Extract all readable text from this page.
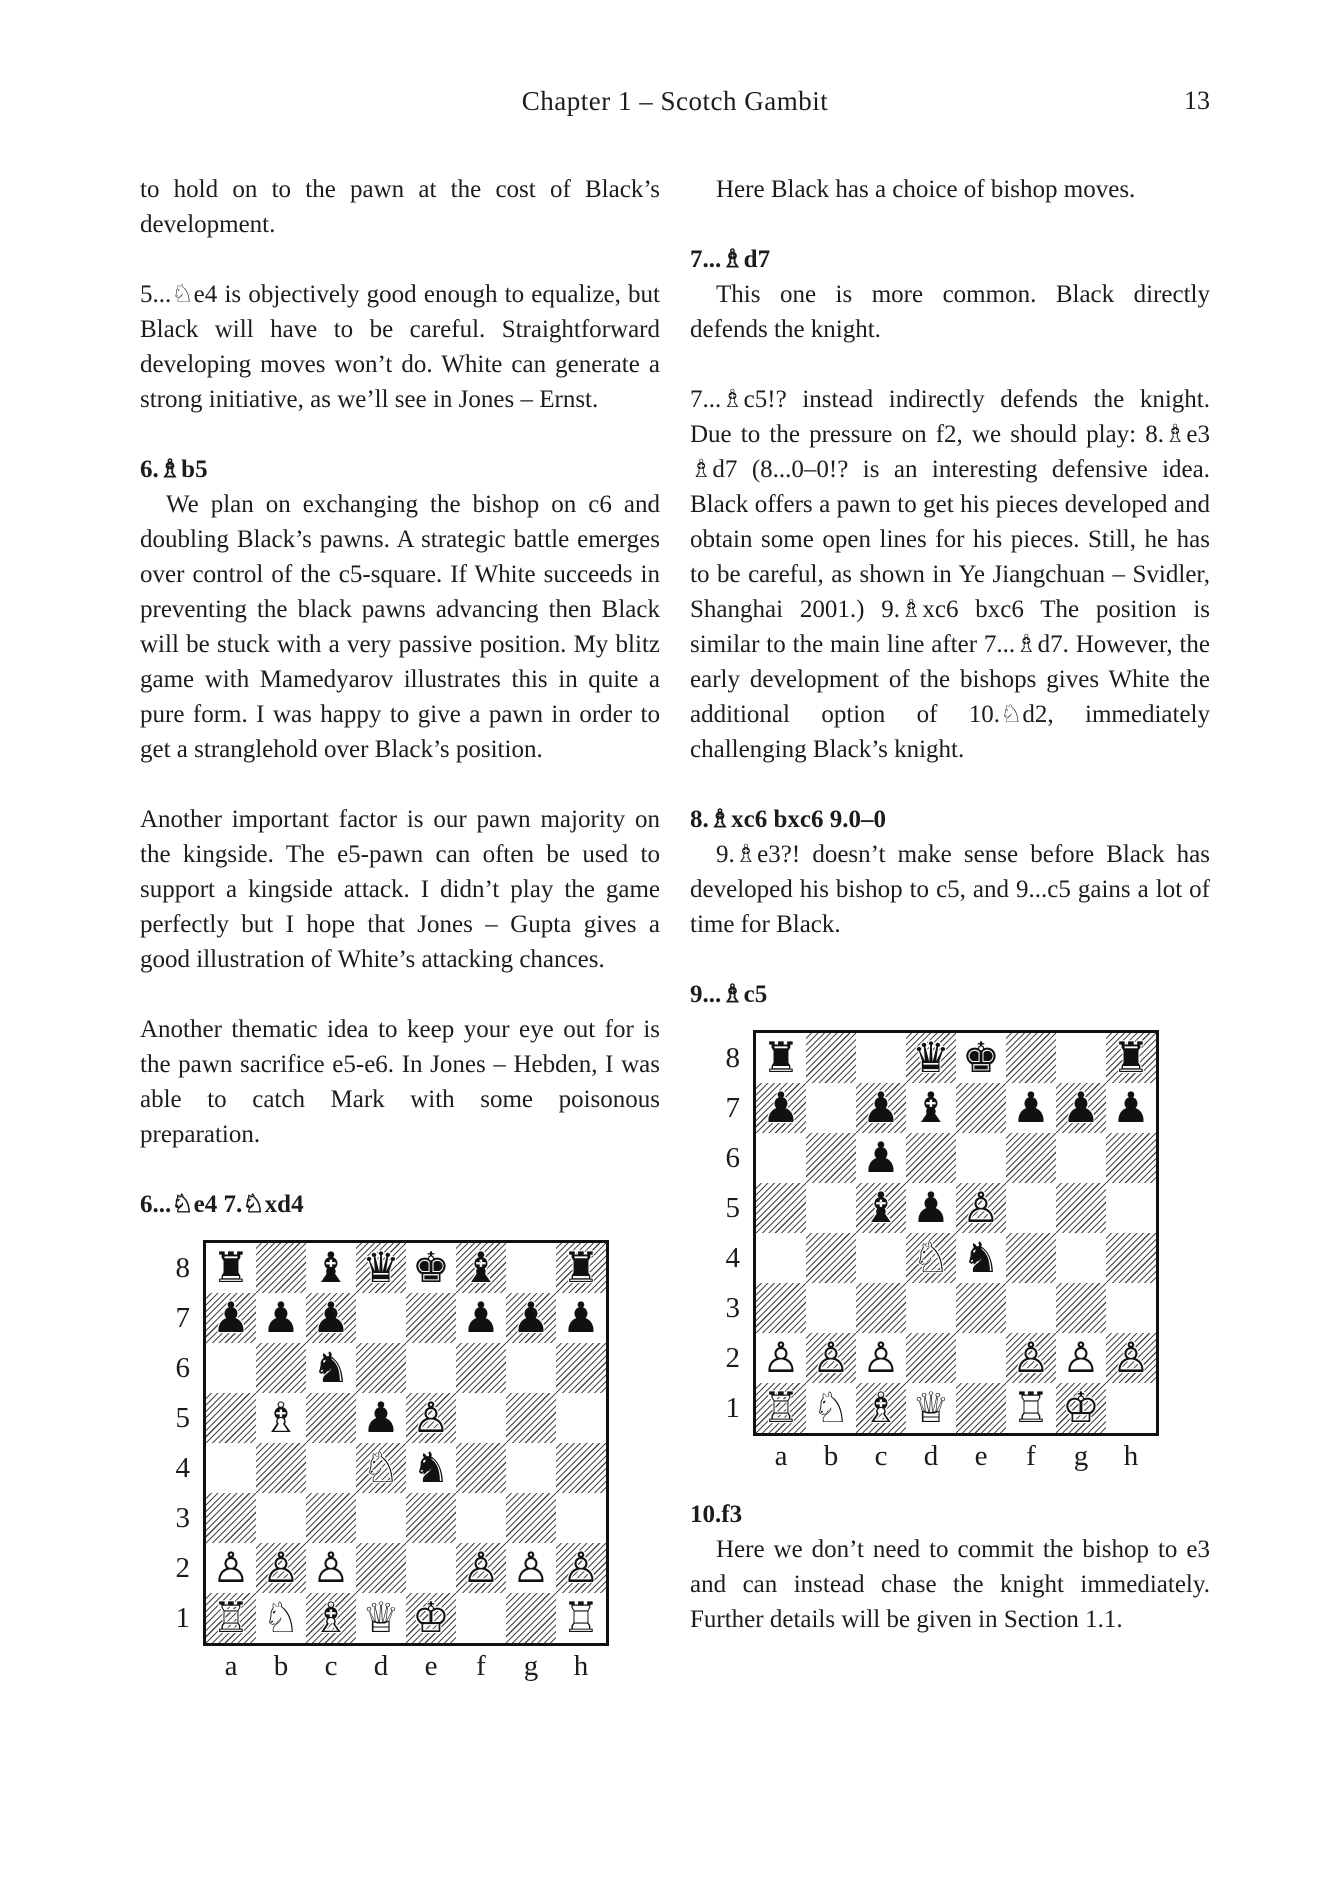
Chapter 1 – Scotch Gambit	13

to hold on to the pawn at the cost of Black’s development.

5...♘e4 is objectively good enough to equalize, but Black will have to be careful. Straightforward developing moves won’t do. White can generate a strong initiative, as we’ll see in Jones – Ernst.

6.♗b5

We plan on exchanging the bishop on c6 and doubling Black’s pawns. A strategic battle emerges over control of the c5-square. If White succeeds in preventing the black pawns advancing then Black will be stuck with a very passive position. My blitz game with Mamedyarov illustrates this in quite a pure form. I was happy to give a pawn in order to get a stranglehold over Black’s position.

Another important factor is our pawn majority on the kingside. The e5-pawn can often be used to support a kingside attack. I didn’t play the game perfectly but I hope that Jones – Gupta gives a good illustration of White’s attacking chances.

Another thematic idea to keep your eye out for is the pawn sacrifice e5-e6. In Jones – Hebden, I was able to catch Mark with some poisonous preparation.

6...♘e4 7.♘xd4
8
7
6
5
4
3
2
1
♜ ♝ ♛ ♚ ♝ ♜
♟ ♟ ♟	♟ ♟ ♟
♞
♗ ♟ ♙
♘ ♞
♙ ♙ ♙	♙ ♙ ♙
♖ ♘ ♗ ♕ ♔	♖
a	b	c	d	e	f	g	h

Here Black has a choice of bishop moves.

7...♗d7

This one is more common. Black directly defends the knight.

7...♗c5!? instead indirectly defends the knight. Due to the pressure on f2, we should play: 8.♗e3 ♗d7 (8...0–0!? is an interesting defensive idea. Black offers a pawn to get his pieces developed and obtain some open lines for his pieces. Still, he has to be careful, as shown in Ye Jiangchuan – Svidler, Shanghai 2001.) 9.♗xc6 bxc6 The position is similar to the main line after 7...♗d7. However, the early development of the bishops gives White the additional option of 10.♘d2, immediately challenging Black’s knight.

8.♗xc6 bxc6 9.0–0

9.♗e3?! doesn’t make sense before Black has developed his bishop to c5, and 9...c5 gains a lot of time for Black.

9...♗c5
8
7
6
5
4
3
2
1
♜	♛ ♚	♜
♟ ♟ ♝ ♟ ♟ ♟
♟
♝ ♟ ♙
♘ ♞
♙ ♙ ♙	♙ ♙ ♙
♖ ♘ ♗ ♕ ♖ ♔
a	b	c	d	e	f	g	h
10.f3

Here we don’t need to commit the bishop to e3 and can instead chase the knight immediately. Further details will be given in Section 1.1.
